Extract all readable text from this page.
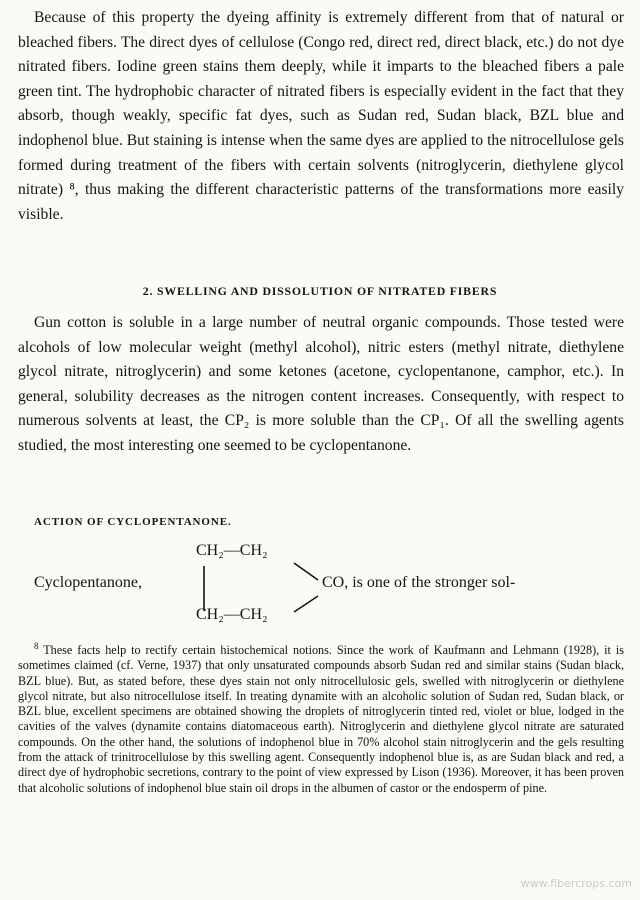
Because of this property the dyeing affinity is extremely different from that of natural or bleached fibers. The direct dyes of cellulose (Congo red, direct red, direct black, etc.) do not dye nitrated fibers. Iodine green stains them deeply, while it imparts to the bleached fibers a pale green tint. The hydrophobic character of nitrated fibers is especially evident in the fact that they absorb, though weakly, specific fat dyes, such as Sudan red, Sudan black, BZL blue and indophenol blue. But staining is intense when the same dyes are applied to the nitrocellulose gels formed during treatment of the fibers with certain solvents (nitroglycerin, diethylene glycol nitrate) ⁸, thus making the different characteristic patterns of the transformations more easily visible.

2. SWELLING AND DISSOLUTION OF NITRATED FIBERS

Gun cotton is soluble in a large number of neutral organic compounds. Those tested were alcohols of low molecular weight (methyl alcohol), nitric esters (methyl nitrate, diethylene glycol nitrate, nitroglycerin) and some ketones (acetone, cyclopentanone, camphor, etc.). In general, solubility decreases as the nitrogen content increases. Consequently, with respect to numerous solvents at least, the CP₂ is more soluble than the CP₁. Of all the swelling agents studied, the most interesting one seemed to be cyclopentanone.

ACTION OF CYCLOPENTANONE.
CH₂—CH₂
Cyclopentanone,	CO, is one of the stronger sol-
CH₂—CH₂

$^8$ These facts help to rectify certain histochemical notions. Since the work of Kaufmann and Lehmann (1928), it is sometimes claimed (cf. Verne, 1937) that only unsaturated compounds absorb Sudan red and similar stains (Sudan black, BZL blue). But, as stated before, these dyes stain not only nitrocellulosic gels, swelled with nitroglycerin or diethylene glycol nitrate, but also nitrocellulose itself. In treating dynamite with an alcoholic solution of Sudan red, Sudan black, or BZL blue, excellent specimens are obtained showing the droplets of nitroglycerin tinted red, violet or blue, lodged in the cavities of the valves (dynamite contains diatomaceous earth). Nitroglycerin and diethylene glycol nitrate are saturated compounds. On the other hand, the solutions of indophenol blue in 70% alcohol stain nitroglycerin and the gels resulting from the attack of trinitrocellulose by this swelling agent. Consequently indophenol blue is, as are Sudan black and red, a direct dye of hydrophobic secretions, contrary to the point of view expressed by Lison (1936). Moreover, it has been proven that alcoholic solutions of indophenol blue stain oil drops in the albumen of castor or the endosperm of pine.

www.fibercrops.com
